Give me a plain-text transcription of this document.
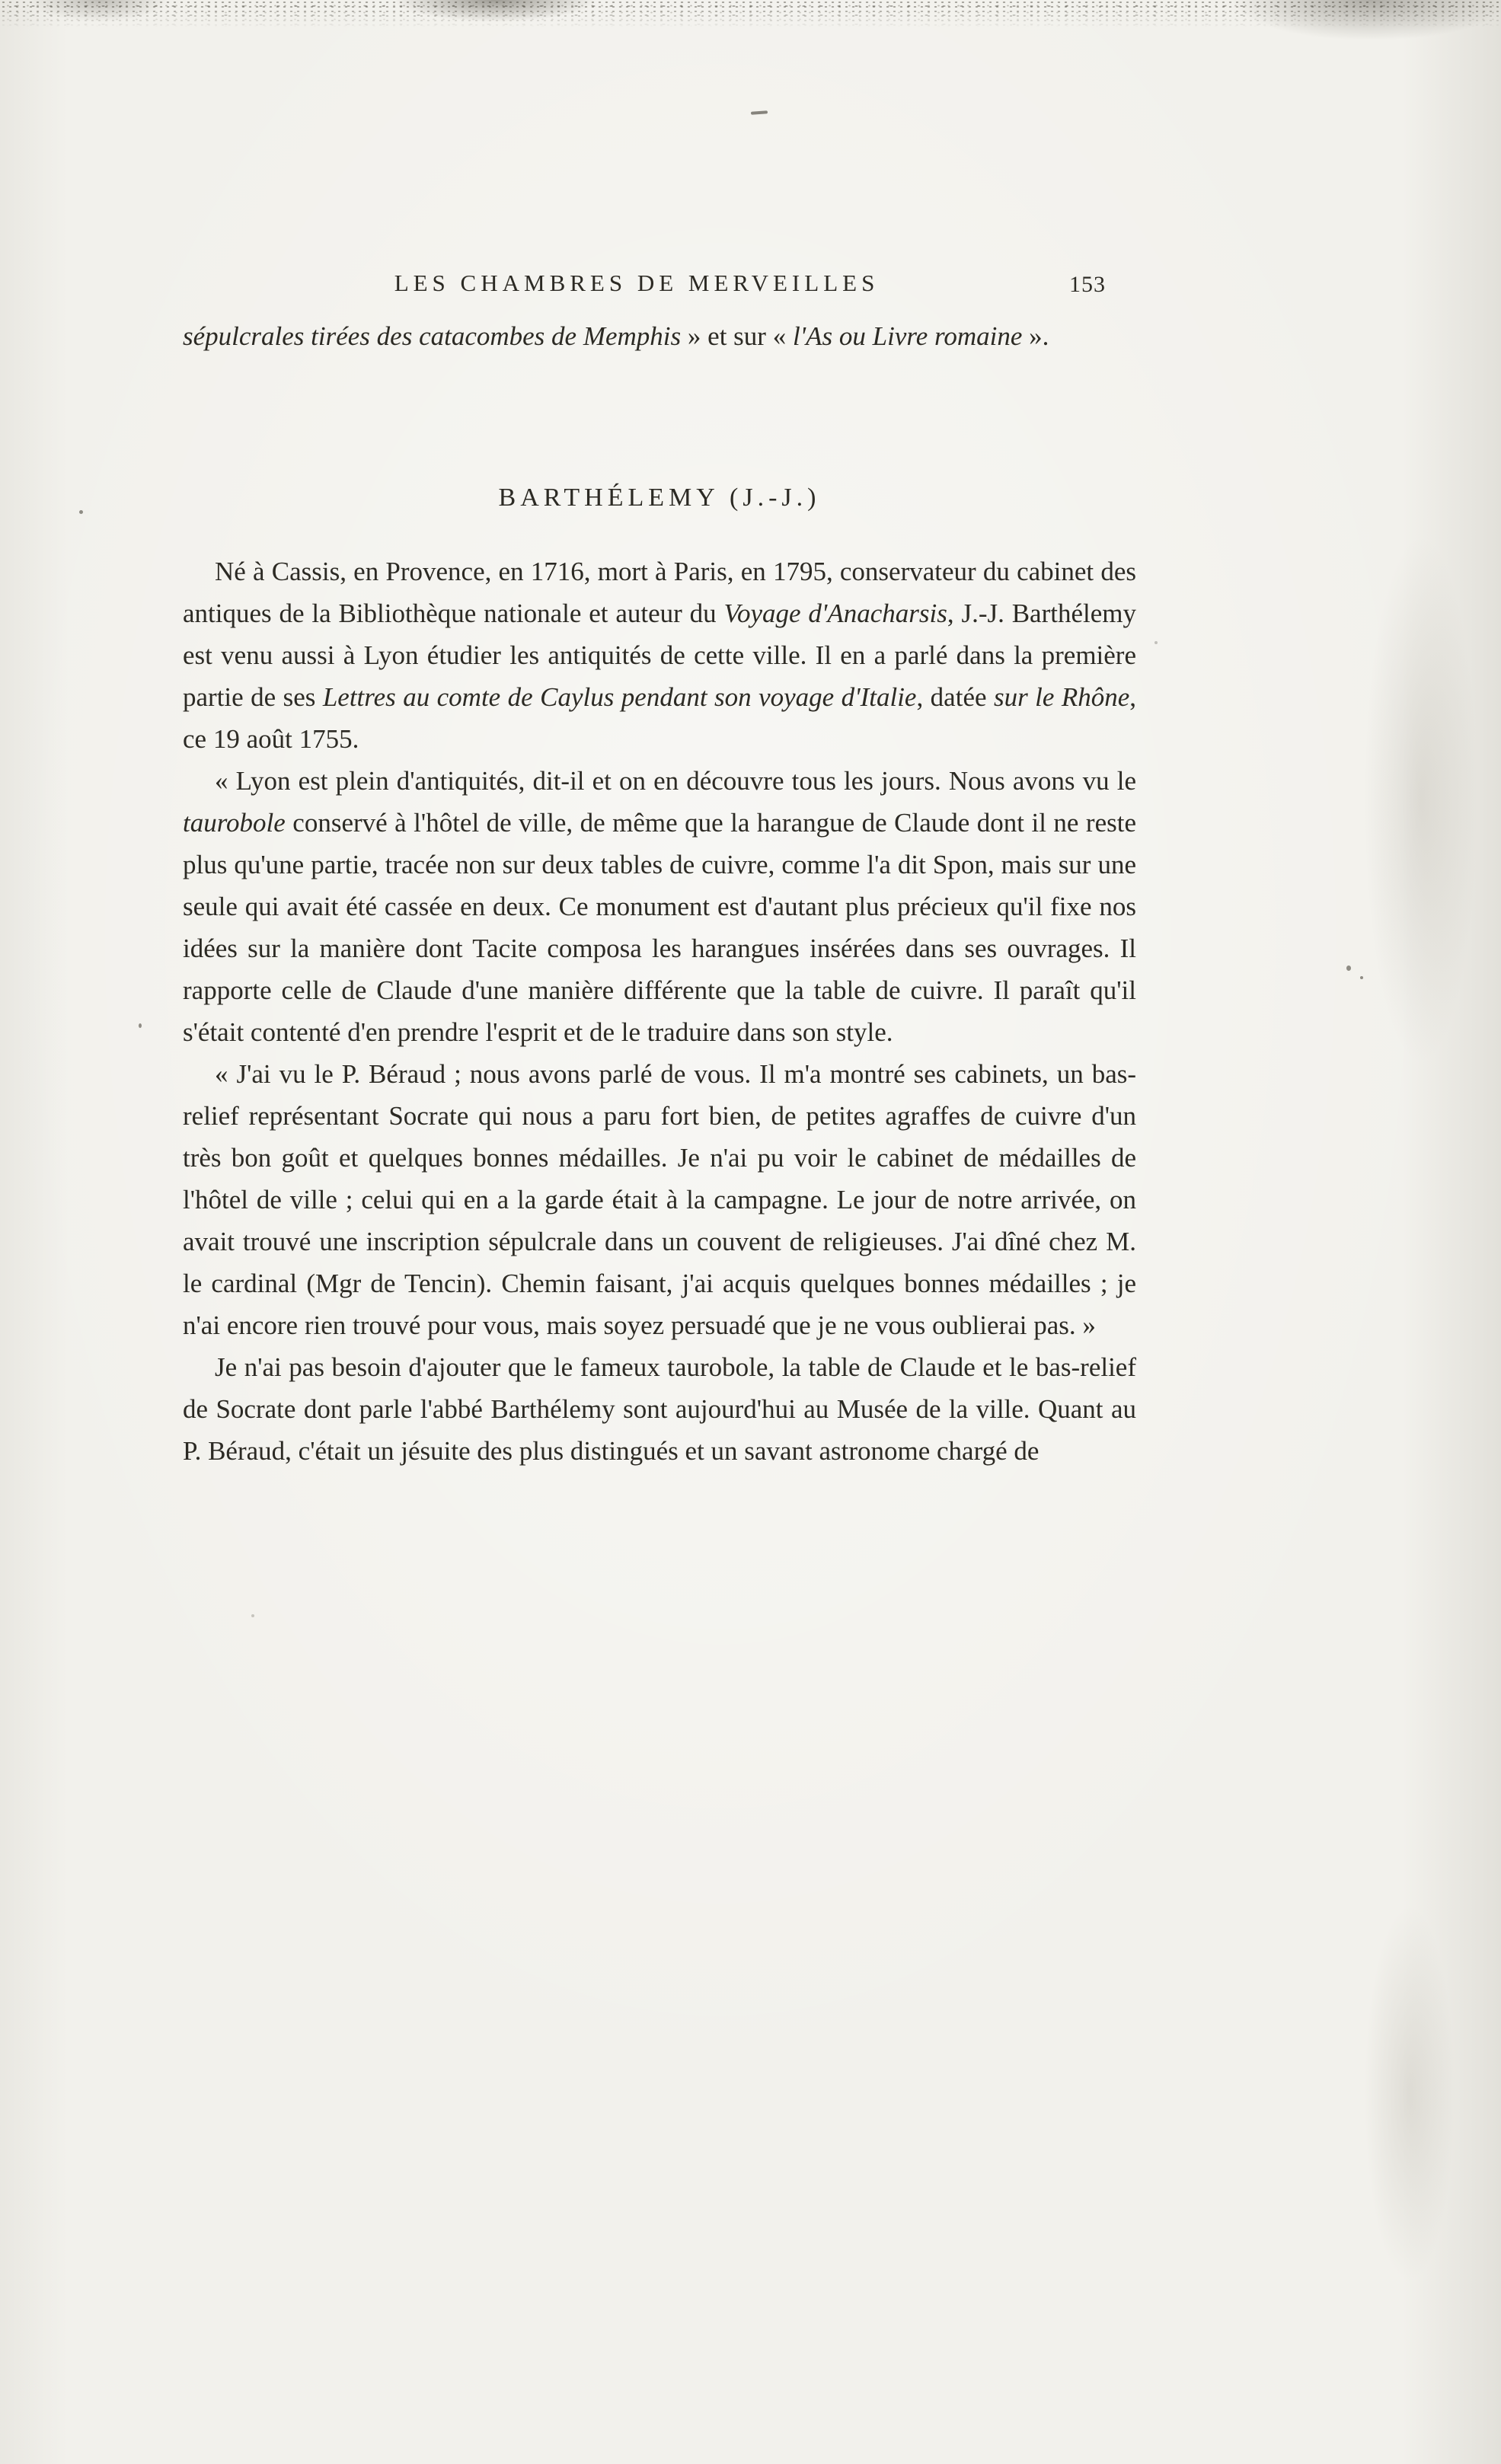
LES CHAMBRES DE MERVEILLES	153

sépulcrales tirées des catacombes de Memphis » et sur « l'As ou Livre romaine ».

BARTHÉLEMY (J.-J.)

Né à Cassis, en Provence, en 1716, mort à Paris, en 1795, conservateur du cabinet des antiques de la Bibliothèque nationale et auteur du Voyage d'Anacharsis, J.-J. Barthélemy est venu aussi à Lyon étudier les antiquités de cette ville. Il en a parlé dans la première partie de ses Lettres au comte de Caylus pendant son voyage d'Italie, datée sur le Rhône, ce 19 août 1755.

« Lyon est plein d'antiquités, dit-il et on en découvre tous les jours. Nous avons vu le taurobole conservé à l'hôtel de ville, de même que la harangue de Claude dont il ne reste plus qu'une partie, tracée non sur deux tables de cuivre, comme l'a dit Spon, mais sur une seule qui avait été cassée en deux. Ce monument est d'autant plus précieux qu'il fixe nos idées sur la manière dont Tacite composa les harangues insérées dans ses ouvrages. Il rapporte celle de Claude d'une manière différente que la table de cuivre. Il paraît qu'il s'était contenté d'en prendre l'esprit et de le traduire dans son style.

« J'ai vu le P. Béraud ; nous avons parlé de vous. Il m'a montré ses cabinets, un bas-relief représentant Socrate qui nous a paru fort bien, de petites agraffes de cuivre d'un très bon goût et quelques bonnes médailles. Je n'ai pu voir le cabinet de médailles de l'hôtel de ville ; celui qui en a la garde était à la campagne. Le jour de notre arrivée, on avait trouvé une inscription sépulcrale dans un couvent de religieuses. J'ai dîné chez M. le cardinal (Mgr de Tencin). Chemin faisant, j'ai acquis quelques bonnes médailles ; je n'ai encore rien trouvé pour vous, mais soyez persuadé que je ne vous oublierai pas. »

Je n'ai pas besoin d'ajouter que le fameux taurobole, la table de Claude et le bas-relief de Socrate dont parle l'abbé Barthélemy sont aujourd'hui au Musée de la ville. Quant au P. Béraud, c'était un jésuite des plus distingués et un savant astronome chargé de
